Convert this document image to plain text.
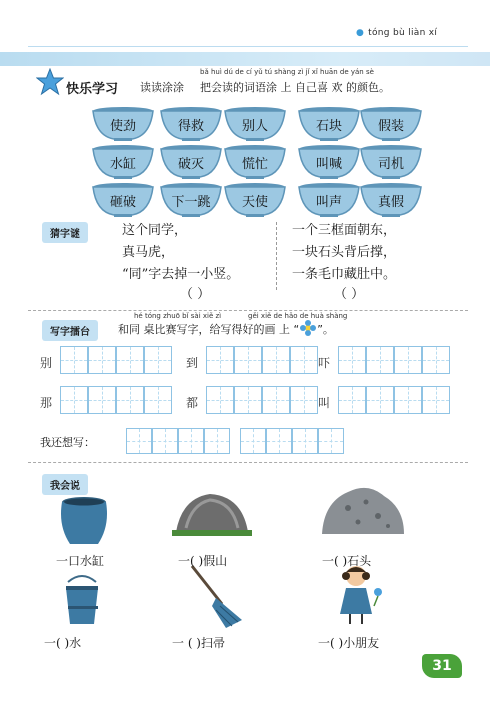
● tóng bù liàn xí
快乐学习 读读涂涂
bǎ huì dú de cí yǔ tú shàng zì jǐ xǐ huān de yán sè
把会读的词语涂 上 自己喜 欢 的颜色。
使劲	得救	别人	石块	假装
水缸	破灭	慌忙	叫喊	司机
砸破	下一跳	天使	叫声	真假
猜字谜	这个同学，
真马虎，
“同”字去掉一小竖。
（ ）
一个三框面朝东，
一块石头背后撑，
一条毛巾藏肚中。
（ ）
写字擂台
hé tóng zhuō bǐ sài xiě zì	gěi xiě de hǎo de huà shàng
和同 桌比赛写字，给写得好的画 上 “ ”。
别	到	吓
那	都	叫
我还想写：
我会说
一口水缸	一( )假山	一( )石头
一( )水	一 ( )扫帚	一( )小朋友
31
